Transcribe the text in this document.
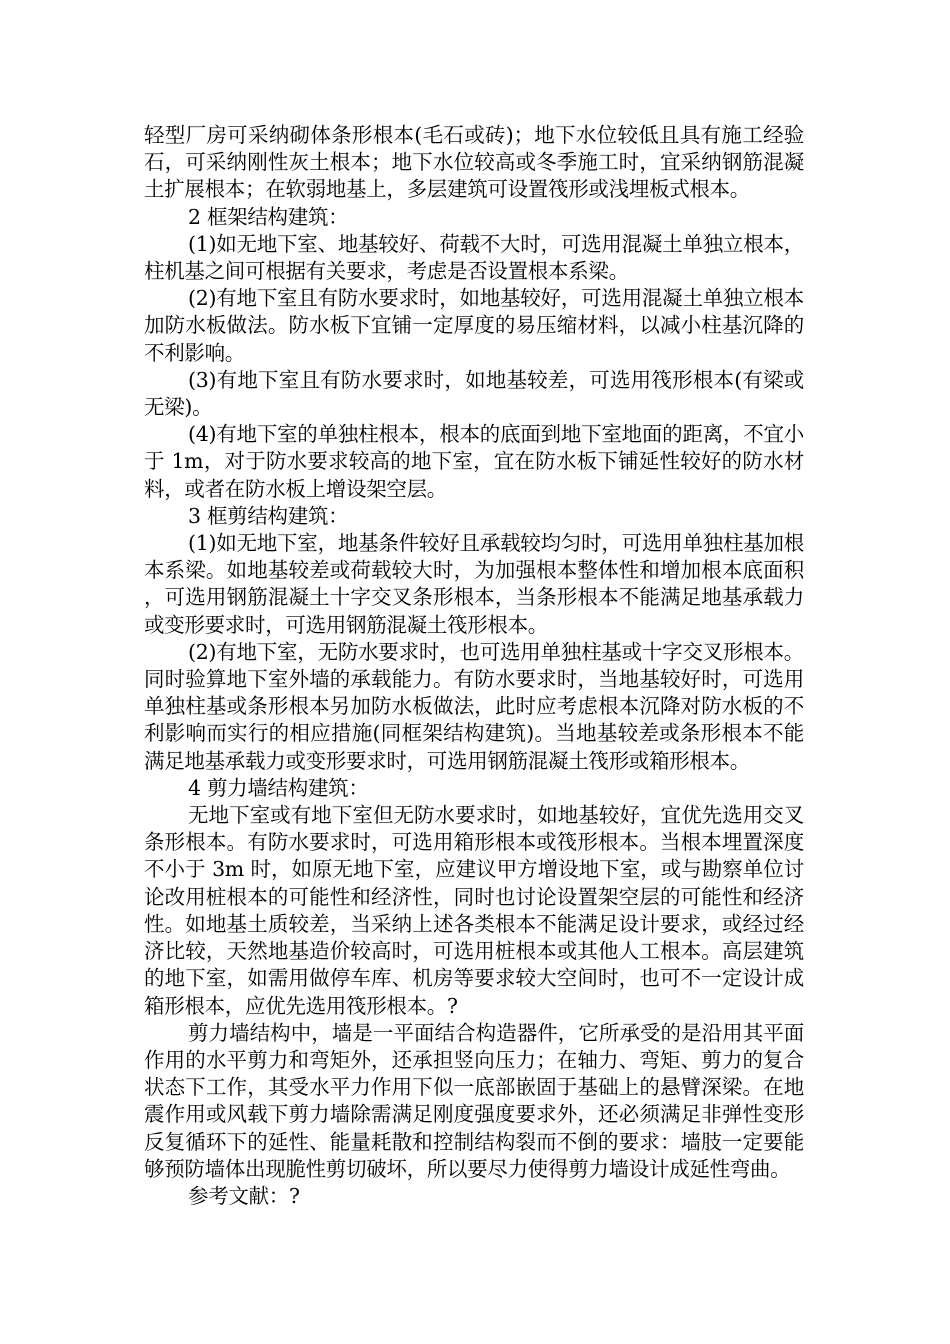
轻型厂房可采纳砌体条形根本(毛石或砖)；地下水位较低且具有施工经验石，可采纳刚性灰土根本；地下水位较高或冬季施工时，宜采纳钢筋混凝土扩展根本；在软弱地基上，多层建筑可设置筏形或浅埋板式根本。

2 框架结构建筑：

(1)如无地下室、地基较好、荷载不大时，可选用混凝土单独立根本，柱机基之间可根据有关要求，考虑是否设置根本系梁。

(2)有地下室且有防水要求时，如地基较好，可选用混凝土单独立根本加防水板做法。防水板下宜铺一定厚度的易压缩材料，以减小柱基沉降的不利影响。

(3)有地下室且有防水要求时，如地基较差，可选用筏形根本(有梁或无梁)。

(4)有地下室的单独柱根本，根本的底面到地下室地面的距离，不宜小于 1m，对于防水要求较高的地下室，宜在防水板下铺延性较好的防水材料，或者在防水板上增设架空层。

3 框剪结构建筑：

(1)如无地下室，地基条件较好且承载较均匀时，可选用单独柱基加根本系梁。如地基较差或荷载较大时，为加强根本整体性和增加根本底面积，可选用钢筋混凝土十字交叉条形根本，当条形根本不能满足地基承载力或变形要求时，可选用钢筋混凝土筏形根本。

(2)有地下室，无防水要求时，也可选用单独柱基或十字交叉形根本。同时验算地下室外墙的承载能力。有防水要求时，当地基较好时，可选用单独柱基或条形根本另加防水板做法，此时应考虑根本沉降对防水板的不利影响而实行的相应措施(同框架结构建筑)。当地基较差或条形根本不能满足地基承载力或变形要求时，可选用钢筋混凝土筏形或箱形根本。

4 剪力墙结构建筑：

无地下室或有地下室但无防水要求时，如地基较好，宜优先选用交叉条形根本。有防水要求时，可选用箱形根本或筏形根本。当根本埋置深度不小于 3m 时，如原无地下室，应建议甲方增设地下室，或与勘察单位讨论改用桩根本的可能性和经济性，同时也讨论设置架空层的可能性和经济性。如地基土质较差，当采纳上述各类根本不能满足设计要求，或经过经济比较，天然地基造价较高时，可选用桩根本或其他人工根本。高层建筑的地下室，如需用做停车库、机房等要求较大空间时，也可不一定设计成箱形根本，应优先选用筏形根本。?

剪力墙结构中，墙是一平面结合构造器件，它所承受的是沿用其平面作用的水平剪力和弯矩外，还承担竖向压力；在轴力、弯矩、剪力的复合状态下工作，其受水平力作用下似一底部嵌固于基础上的悬臂深梁。在地震作用或风载下剪力墙除需满足刚度强度要求外，还必须满足非弹性变形反复循环下的延性、能量耗散和控制结构裂而不倒的要求：墙肢一定要能够预防墙体出现脆性剪切破坏，所以要尽力使得剪力墙设计成延性弯曲。

参考文献：?
